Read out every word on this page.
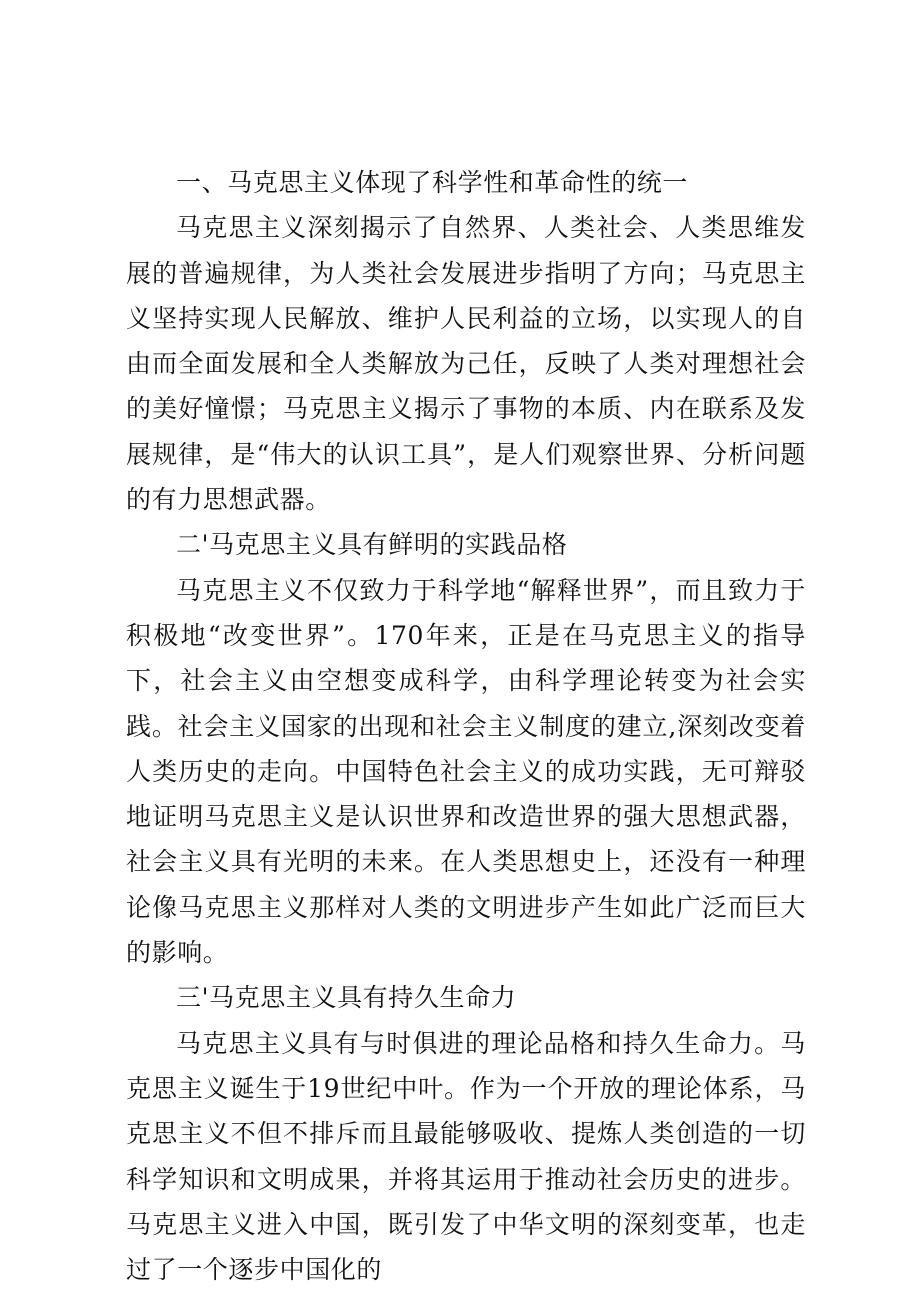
一、马克思主义体现了科学性和革命性的统一

马克思主义深刻揭示了自然界、人类社会、人类思维发展的普遍规律，为人类社会发展进步指明了方向；马克思主义坚持实现人民解放、维护人民利益的立场，以实现人的自由而全面发展和全人类解放为己任，反映了人类对理想社会的美好憧憬；马克思主义揭示了事物的本质、内在联系及发展规律，是“伟大的认识工具”，是人们观察世界、分析问题的有力思想武器。

二'马克思主义具有鲜明的实践品格

马克思主义不仅致力于科学地“解释世界”，而且致力于积极地“改变世界”。170年来，正是在马克思主义的指导下，社会主义由空想变成科学，由科学理论转变为社会实践。社会主义国家的出现和社会主义制度的建立,深刻改变着人类历史的走向。中国特色社会主义的成功实践，无可辩驳地证明马克思主义是认识世界和改造世界的强大思想武器，社会主义具有光明的未来。在人类思想史上，还没有一种理论像马克思主义那样对人类的文明进步产生如此广泛而巨大的影响。

三'马克思主义具有持久生命力

马克思主义具有与时俱进的理论品格和持久生命力。马克思主义诞生于19世纪中叶。作为一个开放的理论体系，马克思主义不但不排斥而且最能够吸收、提炼人类创造的一切科学知识和文明成果，并将其运用于推动社会历史的进步。马克思主义进入中国，既引发了中华文明的深刻变革，也走过了一个逐步中国化的
